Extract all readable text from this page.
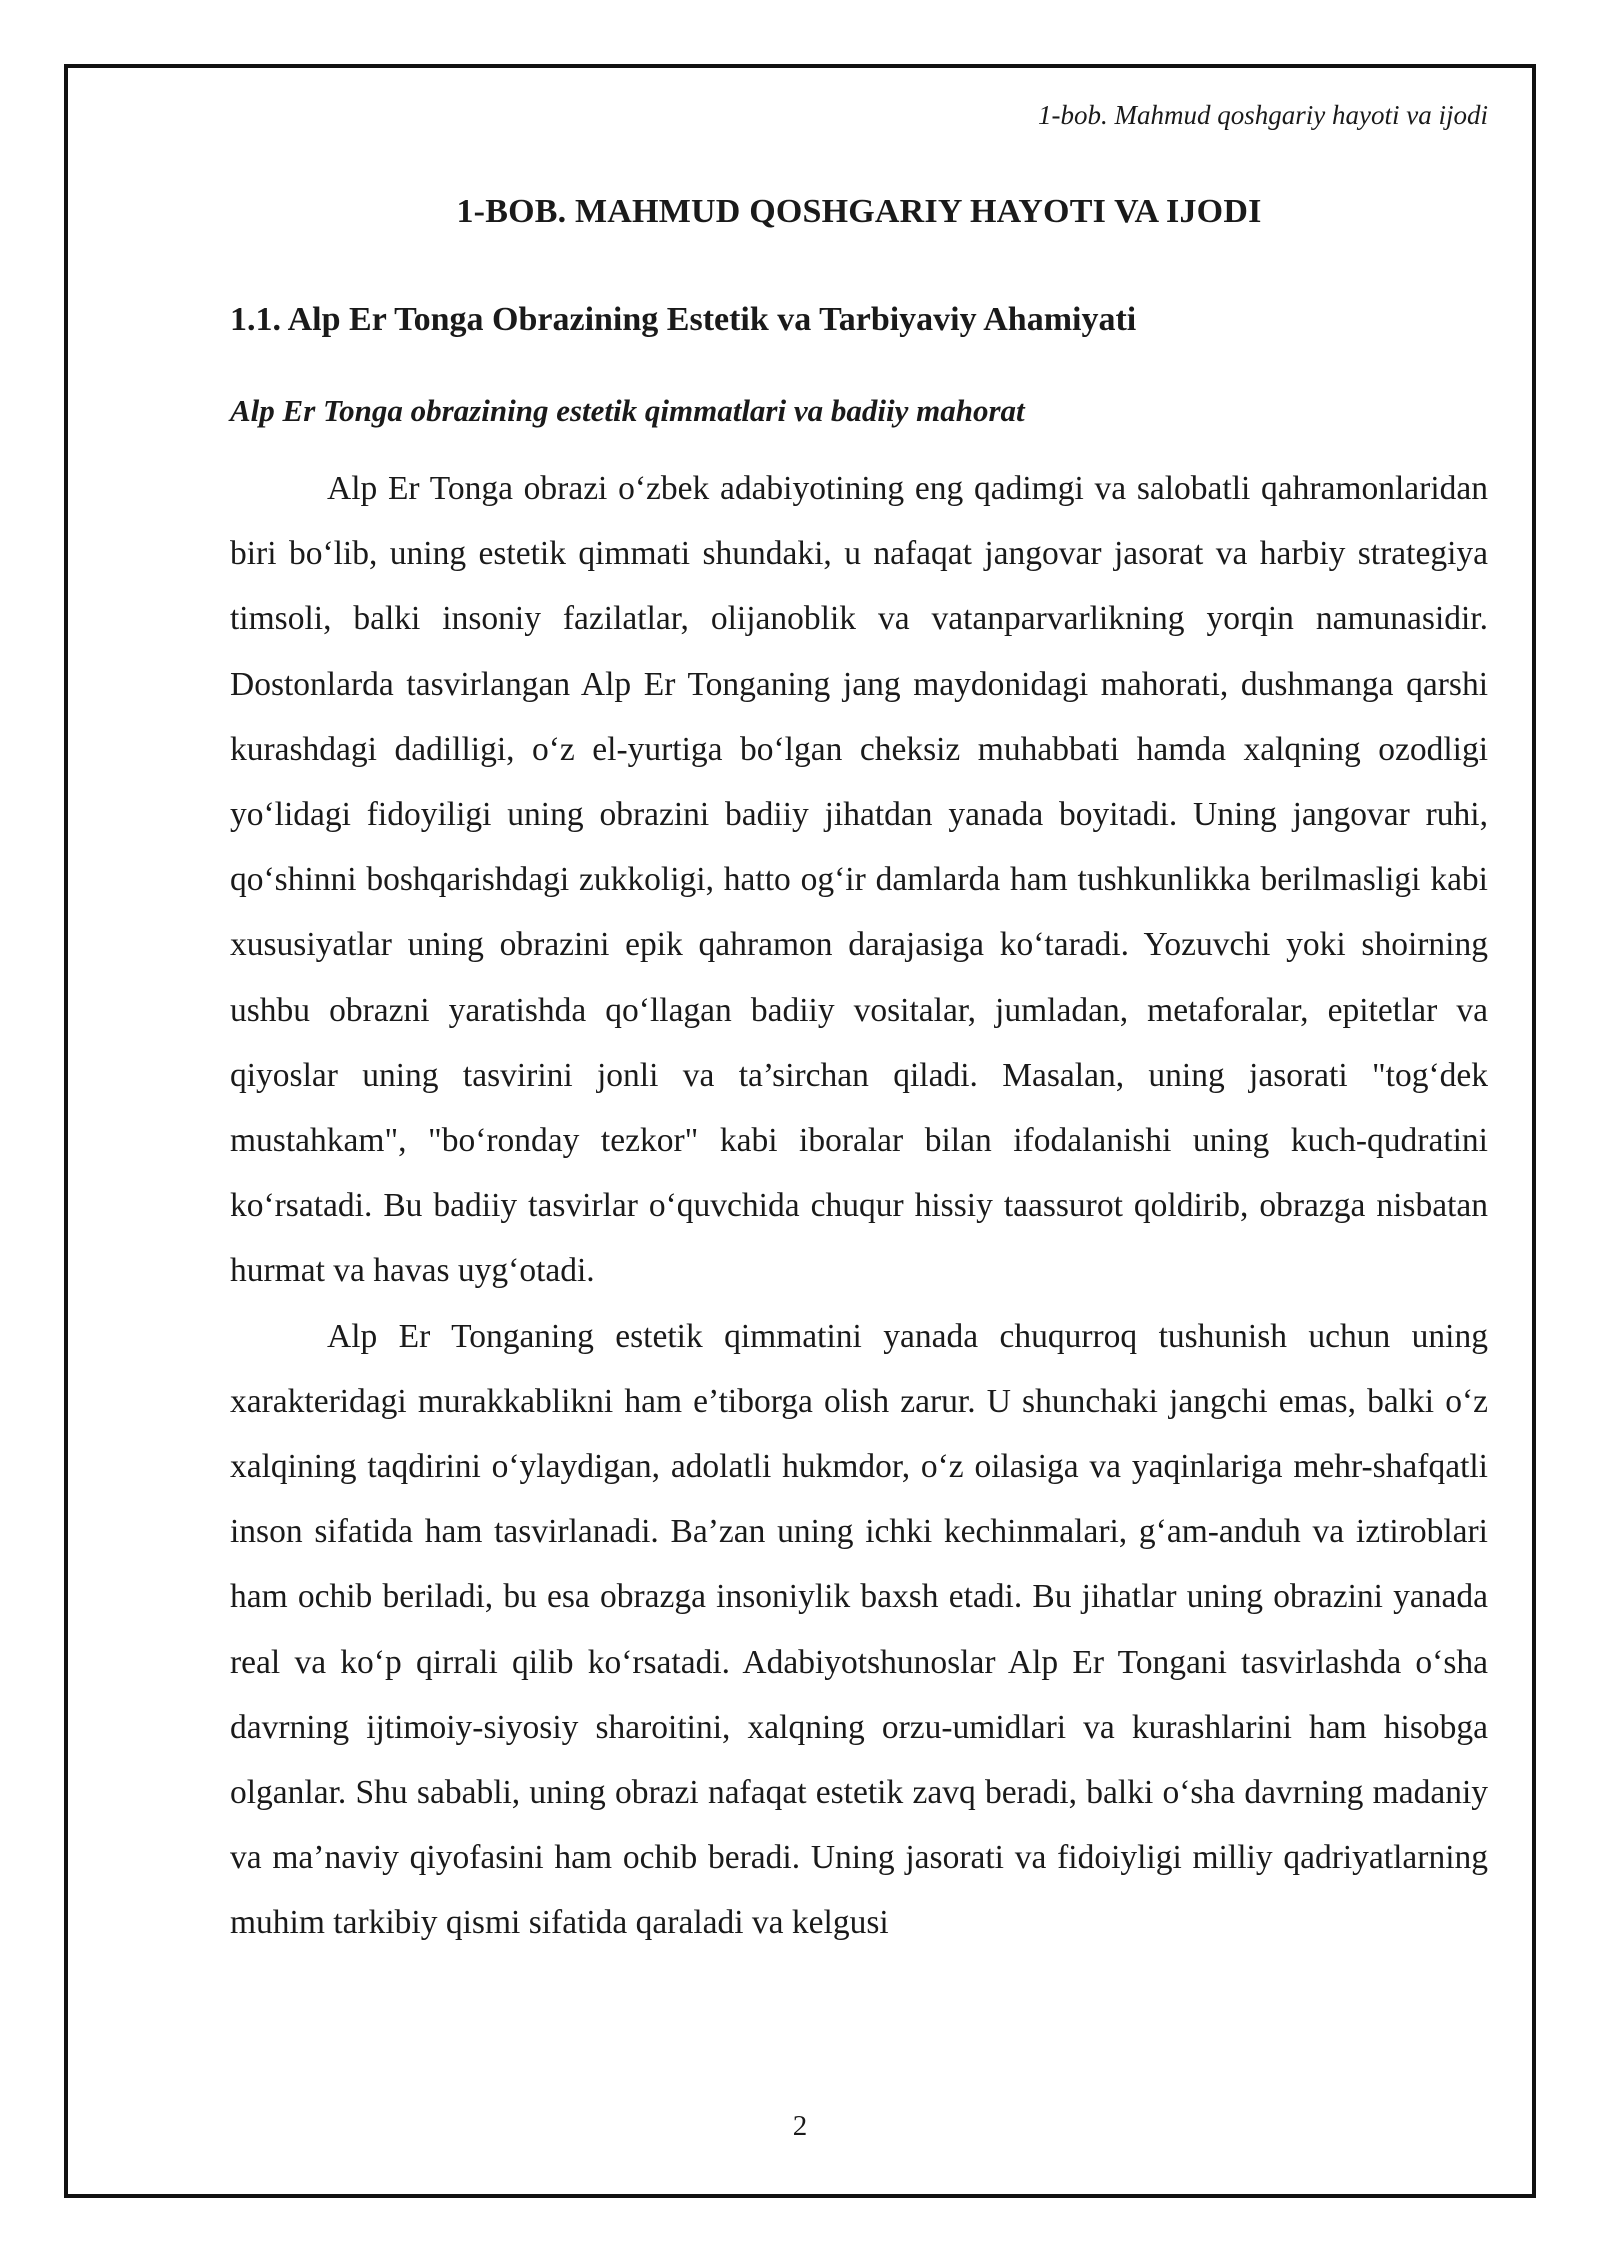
1-bob. Mahmud qoshgariy hayoti va ijodi
1-BOB. MAHMUD QOSHGARIY HAYOTI VA IJODI
1.1. Alp Er Tonga Obrazining Estetik va Tarbiyaviy Ahamiyati
Alp Er Tonga obrazining estetik qimmatlari va badiiy mahorat

Alp Er Tonga obrazi o‘zbek adabiyotining eng qadimgi va salobatli qahramonlaridan biri bo‘lib, uning estetik qimmati shundaki, u nafaqat jangovar jasorat va harbiy strategiya timsoli, balki insoniy fazilatlar, olijanoblik va vatanparvarlikning yorqin namunasidir. Dostonlarda tasvirlangan Alp Er Tonganing jang maydonidagi mahorati, dushmanga qarshi kurashdagi dadilligi, o‘z el-yurtiga bo‘lgan cheksiz muhabbati hamda xalqning ozodligi yo‘lidagi fidoyiligi uning obrazini badiiy jihatdan yanada boyitadi. Uning jangovar ruhi, qo‘shinni boshqarishdagi zukkoligi, hatto og‘ir damlarda ham tushkunlikka berilmasligi kabi xususiyatlar uning obrazini epik qahramon darajasiga ko‘taradi. Yozuvchi yoki shoirning ushbu obrazni yaratishda qo‘llagan badiiy vositalar, jumladan, metaforalar, epitetlar va qiyoslar uning tasvirini jonli va ta’sirchan qiladi. Masalan, uning jasorati "tog‘dek mustahkam", "bo‘ronday tezkor" kabi iboralar bilan ifodalanishi uning kuch-qudratini ko‘rsatadi. Bu badiiy tasvirlar o‘quvchida chuqur hissiy taassurot qoldirib, obrazga nisbatan hurmat va havas uyg‘otadi.

Alp Er Tonganing estetik qimmatini yanada chuqurroq tushunish uchun uning xarakteridagi murakkablikni ham e’tiborga olish zarur. U shunchaki jangchi emas, balki o‘z xalqining taqdirini o‘ylaydigan, adolatli hukmdor, o‘z oilasiga va yaqinlariga mehr-shafqatli inson sifatida ham tasvirlanadi. Ba’zan uning ichki kechinmalari, g‘am-anduh va iztiroblari ham ochib beriladi, bu esa obrazga insoniylik baxsh etadi. Bu jihatlar uning obrazini yanada real va ko‘p qirrali qilib ko‘rsatadi. Adabiyotshunoslar Alp Er Tongani tasvirlashda o‘sha davrning ijtimoiy-siyosiy sharoitini, xalqning orzu-umidlari va kurashlarini ham hisobga olganlar. Shu sababli, uning obrazi nafaqat estetik zavq beradi, balki o‘sha davrning madaniy va ma’naviy qiyofasini ham ochib beradi. Uning jasorati va fidoiyligi milliy qadriyatlarning muhim tarkibiy qismi sifatida qaraladi va kelgusi

2
